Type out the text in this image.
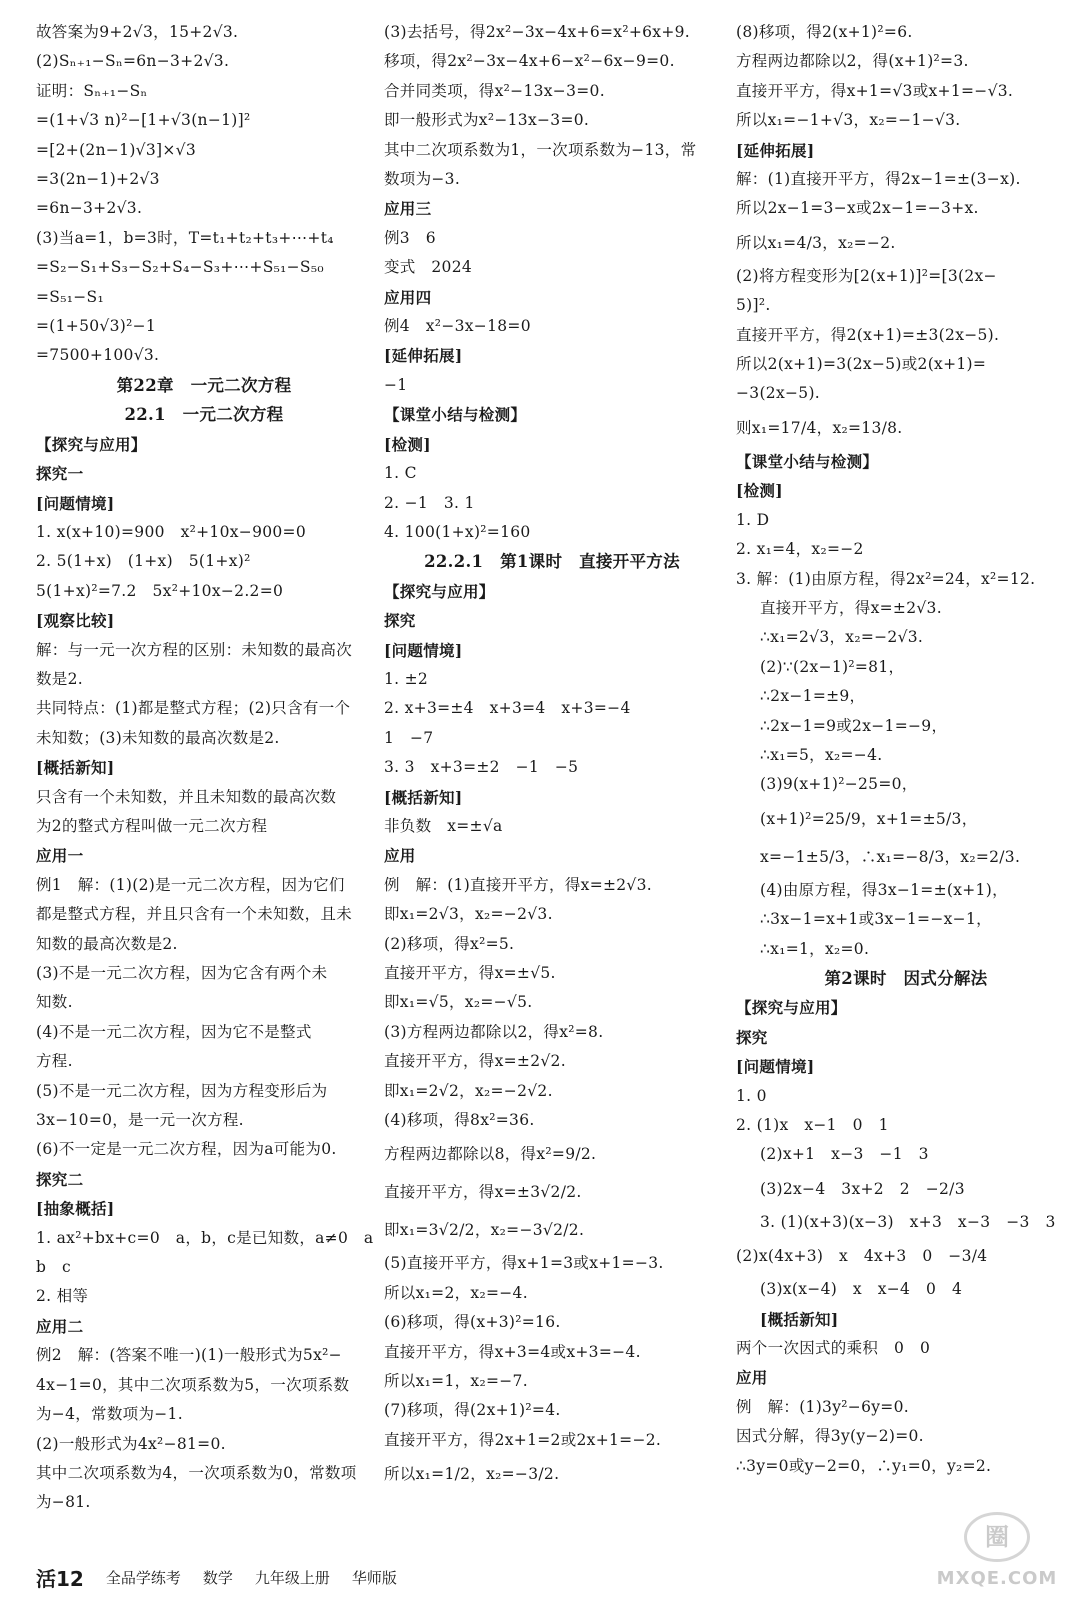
故答案为9+2√3，15+2√3.
(2)Sₙ₊₁−Sₙ=6n−3+2√3.
证明：Sₙ₊₁−Sₙ
=(1+√3 n)²−[1+√3(n−1)]²
=[2+(2n−1)√3]×√3
=3(2n−1)+2√3
=6n−3+2√3.
(3)当a=1，b=3时，T=t₁+t₂+t₃+⋯+t₄
=S₂−S₁+S₃−S₂+S₄−S₃+⋯+S₅₁−S₅₀
=S₅₁−S₁
=(1+50√3)²−1
=7500+100√3.
第22章　一元二次方程
22.1　一元二次方程
【探究与应用】
探究一
[问题情境]
1. x(x+10)=900　x²+10x−900=0
2. 5(1+x)　(1+x)　5(1+x)²
5(1+x)²=7.2　5x²+10x−2.2=0
[观察比较]
解：与一元一次方程的区别：未知数的最高次
数是2.
共同特点：(1)都是整式方程；(2)只含有一个
未知数；(3)未知数的最高次数是2.
[概括新知]
只含有一个未知数，并且未知数的最高次数
为2的整式方程叫做一元二次方程
应用一
例1　解：(1)(2)是一元二次方程，因为它们
都是整式方程，并且只含有一个未知数，且未
知数的最高次数是2.
(3)不是一元二次方程，因为它含有两个未
知数.
(4)不是一元二次方程，因为它不是整式
方程.
(5)不是一元二次方程，因为方程变形后为
3x−10=0，是一元一次方程.
(6)不一定是一元二次方程，因为a可能为0.
探究二
[抽象概括]
1. ax²+bx+c=0　a，b，c是已知数，a≠0　a
b　c
2. 相等
应用二
例2　解：(答案不唯一)(1)一般形式为5x²−
4x−1=0，其中二次项系数为5，一次项系数
为−4，常数项为−1.
(2)一般形式为4x²−81=0.
其中二次项系数为4，一次项系数为0，常数项
为−81.
(3)去括号，得2x²−3x−4x+6=x²+6x+9.
移项，得2x²−3x−4x+6−x²−6x−9=0.
合并同类项，得x²−13x−3=0.
即一般形式为x²−13x−3=0.
其中二次项系数为1，一次项系数为−13，常
数项为−3.
应用三
例3　6
变式　2024
应用四
例4　x²−3x−18=0
[延伸拓展]
−1
【课堂小结与检测】
[检测]
1. C
2. −1　3. 1
4. 100(1+x)²=160
22.2.1　第1课时　直接开平方法
【探究与应用】
探究
[问题情境]
1. ±2
2. x+3=±4　x+3=4　x+3=−4
1　−7
3. 3　x+3=±2　−1　−5
[概括新知]
非负数　x=±√a
应用
例　解：(1)直接开平方，得x=±2√3.
即x₁=2√3，x₂=−2√3.
(2)移项，得x²=5.
直接开平方，得x=±√5.
即x₁=√5，x₂=−√5.
(3)方程两边都除以2，得x²=8.
直接开平方，得x=±2√2.
即x₁=2√2，x₂=−2√2.
(4)移项，得8x²=36.
方程两边都除以8，得x²=9/2.
直接开平方，得x=±3√2/2.
即x₁=3√2/2，x₂=−3√2/2.
(5)直接开平方，得x+1=3或x+1=−3.
所以x₁=2，x₂=−4.
(6)移项，得(x+3)²=16.
直接开平方，得x+3=4或x+3=−4.
所以x₁=1，x₂=−7.
(7)移项，得(2x+1)²=4.
直接开平方，得2x+1=2或2x+1=−2.
所以x₁=1/2，x₂=−3/2.
(8)移项，得2(x+1)²=6.
方程两边都除以2，得(x+1)²=3.
直接开平方，得x+1=√3或x+1=−√3.
所以x₁=−1+√3，x₂=−1−√3.
[延伸拓展]
解：(1)直接开平方，得2x−1=±(3−x).
所以2x−1=3−x或2x−1=−3+x.
所以x₁=4/3，x₂=−2.
(2)将方程变形为[2(x+1)]²=[3(2x−
5)]².
直接开平方，得2(x+1)=±3(2x−5).
所以2(x+1)=3(2x−5)或2(x+1)=
−3(2x−5).
则x₁=17/4，x₂=13/8.
【课堂小结与检测】
[检测]
1. D
2. x₁=4，x₂=−2
3. 解：(1)由原方程，得2x²=24，x²=12.
直接开平方，得x=±2√3.
∴x₁=2√3，x₂=−2√3.
(2)∵(2x−1)²=81，
∴2x−1=±9，
∴2x−1=9或2x−1=−9，
∴x₁=5，x₂=−4.
(3)9(x+1)²−25=0，
(x+1)²=25/9，x+1=±5/3，
x=−1±5/3，∴x₁=−8/3，x₂=2/3.
(4)由原方程，得3x−1=±(x+1)，
∴3x−1=x+1或3x−1=−x−1，
∴x₁=1，x₂=0.
第2课时　因式分解法
【探究与应用】
探究
[问题情境]
1. 0
2. (1)x　x−1　0　1
(2)x+1　x−3　−1　3
(3)2x−4　3x+2　2　−2/3
3. (1)(x+3)(x−3)　x+3　x−3　−3　3
(2)x(4x+3)　x　4x+3　0　−3/4
(3)x(x−4)　x　x−4　0　4
[概括新知]
两个一次因式的乘积　0　0
应用
例　解：(1)3y²−6y=0.
因式分解，得3y(y−2)=0.
∴3y=0或y−2=0，∴y₁=0，y₂=2.
活12 全品学练考 数学 九年级上册 华师版
圈
MXQE.COM
